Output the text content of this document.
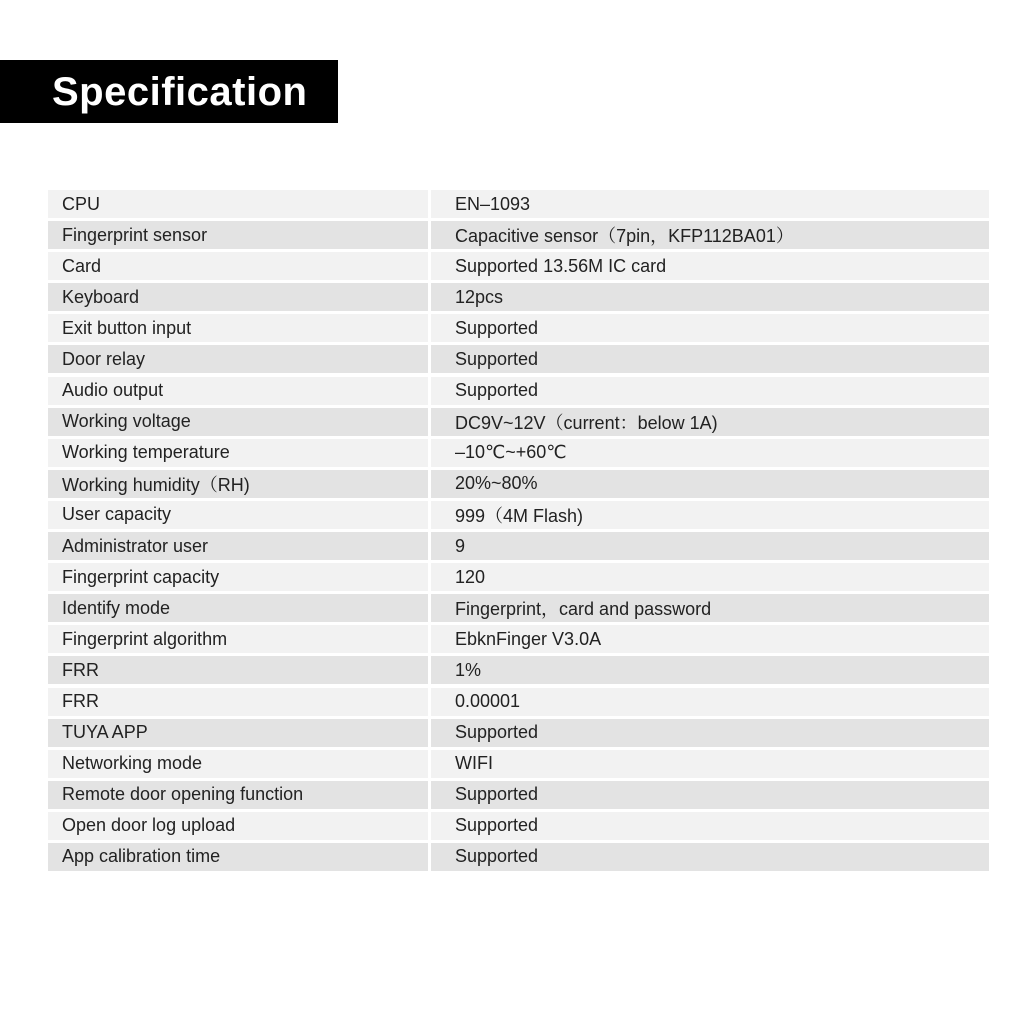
Specification
CPU	EN–1093
Fingerprint sensor	Capacitive sensor（7pin，KFP112BA01）
Card	Supported 13.56M IC card
Keyboard	12pcs
Exit button input	Supported
Door relay	Supported
Audio output	Supported
Working voltage	DC9V~12V（current：below 1A)
Working temperature	–10℃~+60℃
Working humidity（RH)	20%~80%
User capacity	999（4M Flash)
Administrator user	9
Fingerprint capacity	120
Identify mode	Fingerprint，card and password
Fingerprint algorithm	EbknFinger V3.0A
FRR	1%
FRR	0.00001
TUYA APP	Supported
Networking mode	WIFI
Remote door opening function	Supported
Open door log upload	Supported
App calibration time	Supported
